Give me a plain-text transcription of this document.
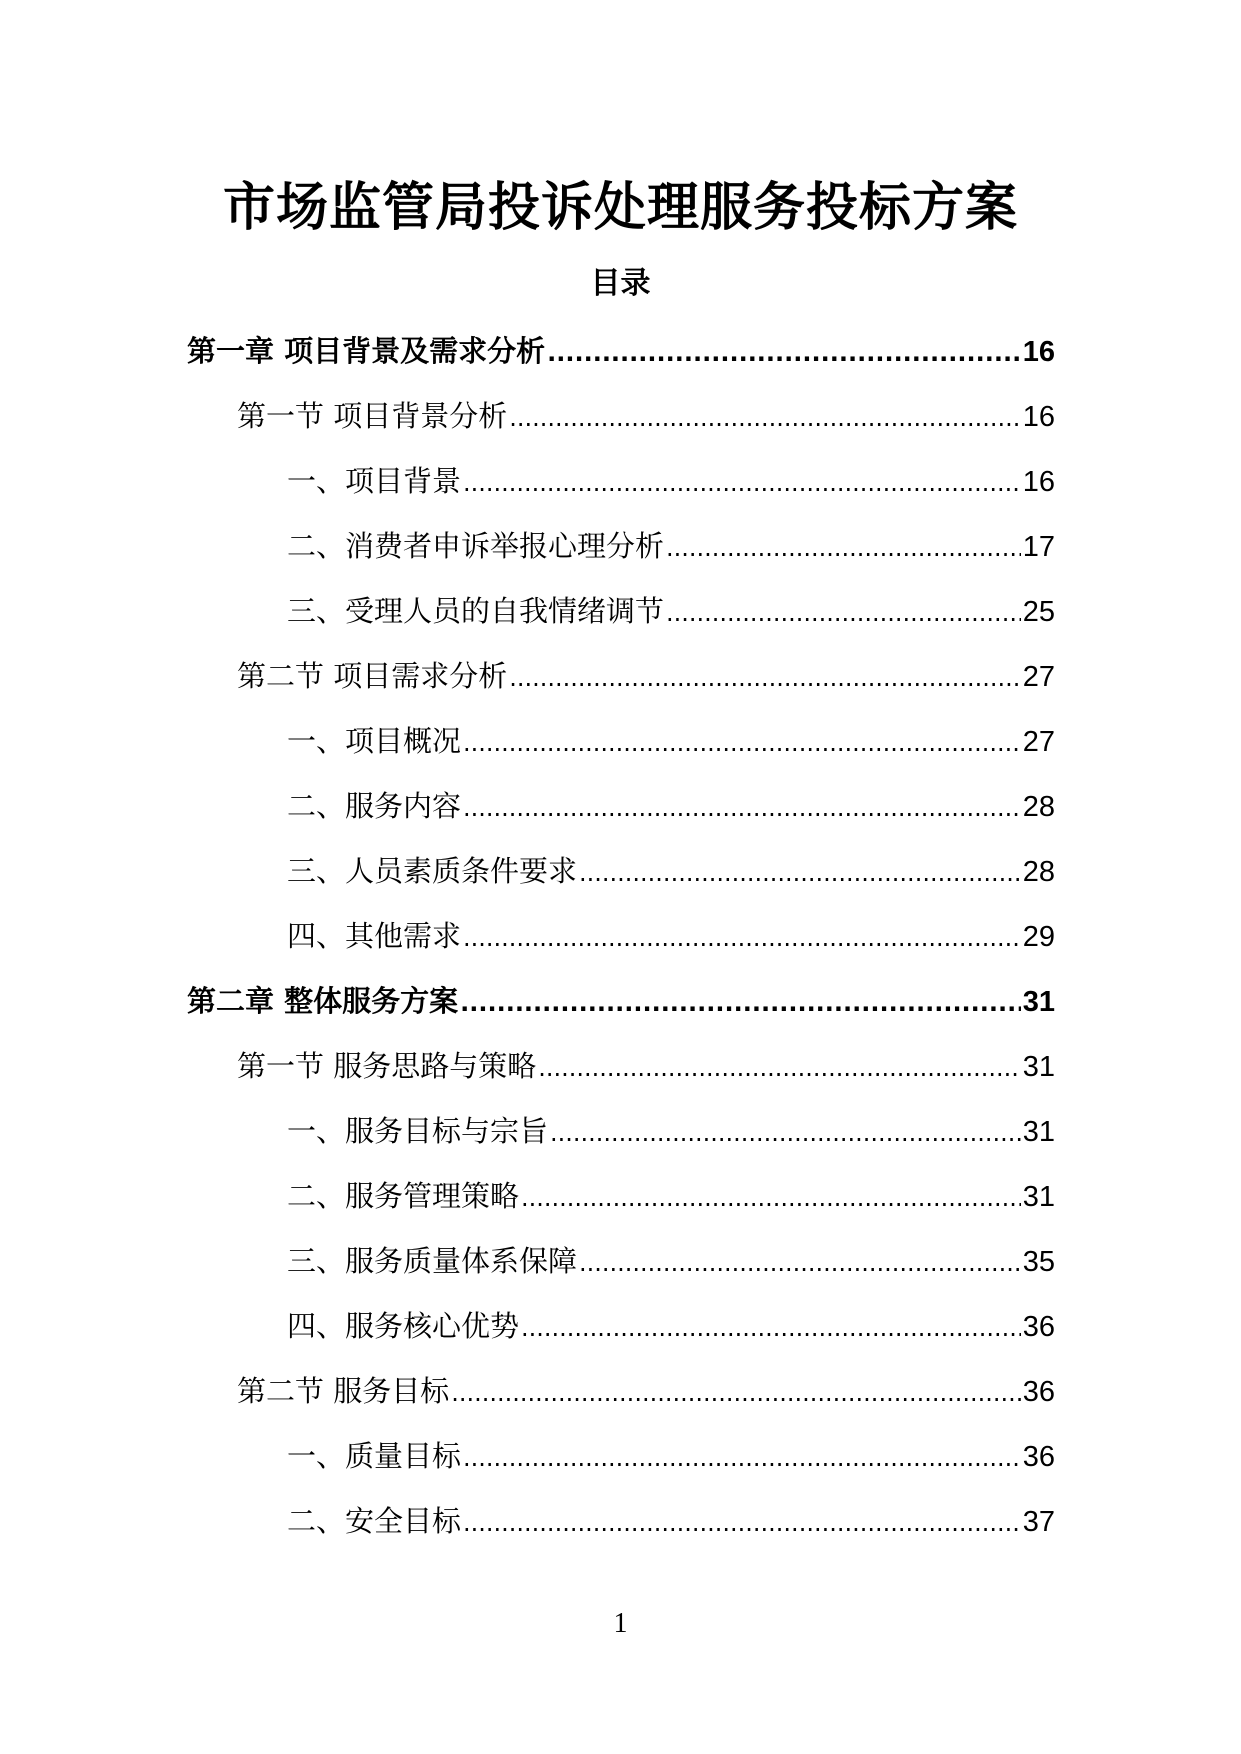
市场监管局投诉处理服务投标方案
目录
第一章 项目背景及需求分析 .....	16
第一节 项目背景分析 .....	16
一、项目背景 .....	16
二、消费者申诉举报心理分析 .....	17
三、受理人员的自我情绪调节 .....	25
第二节 项目需求分析 .....	27
一、项目概况 .....	27
二、服务内容 .....	28
三、人员素质条件要求 .....	28
四、其他需求 .....	29
第二章 整体服务方案 .....	31
第一节 服务思路与策略 .....	31
一、服务目标与宗旨 .....	31
二、服务管理策略 .....	31
三、服务质量体系保障 .....	35
四、服务核心优势 .....	36
第二节 服务目标 .....	36
一、质量目标 .....	36
二、安全目标 .....	37
1
